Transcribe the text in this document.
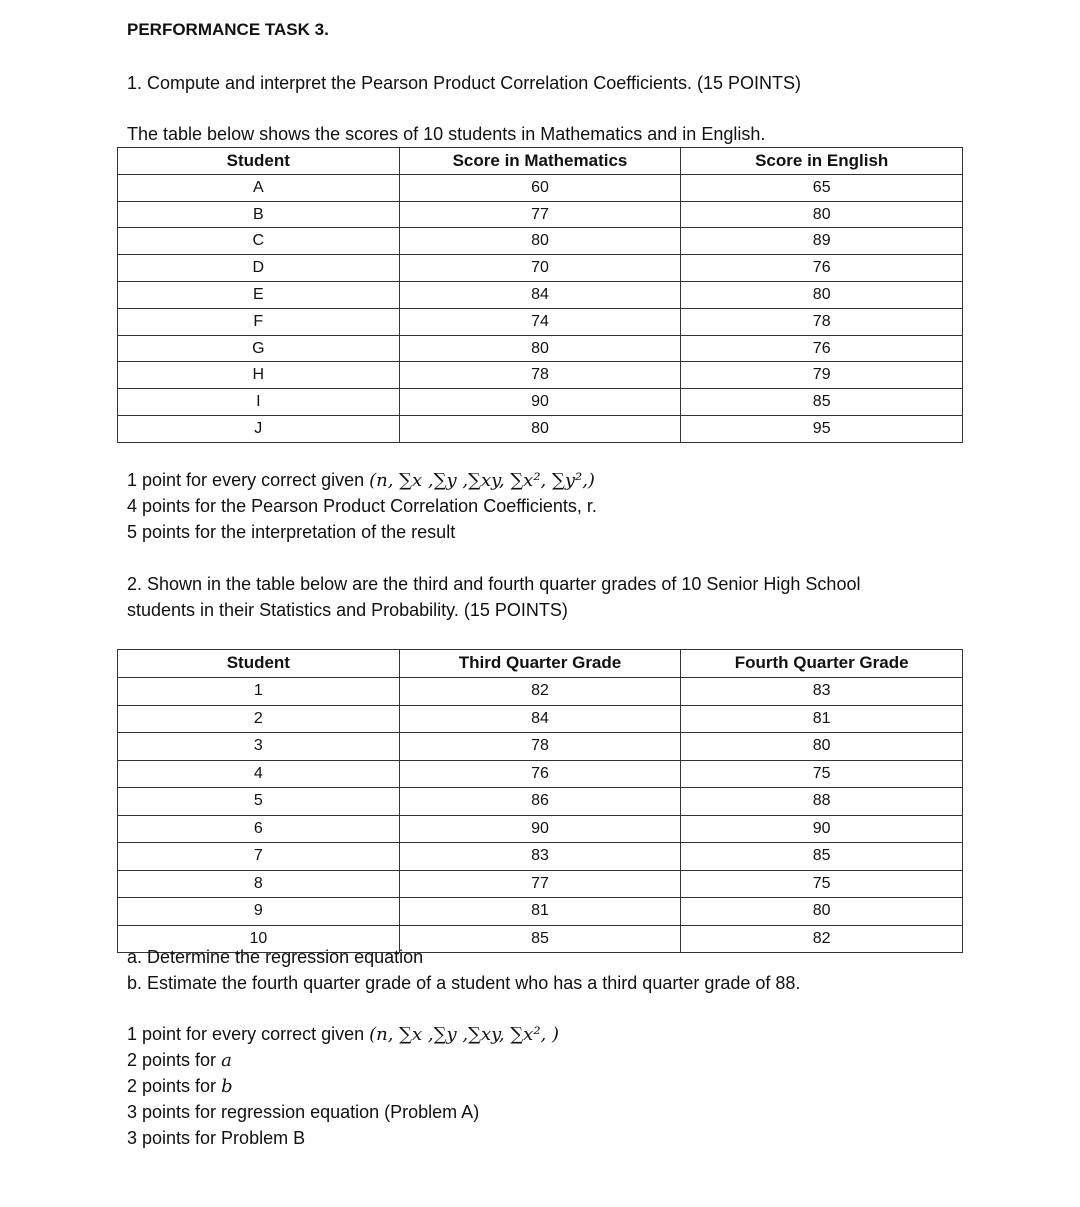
PERFORMANCE TASK 3.
1. Compute and interpret the Pearson Product Correlation Coefficients. (15 POINTS)
The table below shows the scores of 10 students in Mathematics and in English.
Student	Score in Mathematics	Score in English
A	60	65
B	77	80
C	80	89
D	70	76
E	84	80
F	74	78
G	80	76
H	78	79
I	90	85
J	80	95
1 point for every correct given (n, ∑x ,∑y ,∑xy, ∑x², ∑y²,)
4 points for the Pearson Product Correlation Coefficients, r.
5 points for the interpretation of the result
2. Shown in the table below are the third and fourth quarter grades of 10 Senior High School
students in their Statistics and Probability. (15 POINTS)
Student	Third Quarter Grade	Fourth Quarter Grade
1	82	83
2	84	81
3	78	80
4	76	75
5	86	88
6	90	90
7	83	85
8	77	75
9	81	80
10	85	82
a. Determine the regression equation
b. Estimate the fourth quarter grade of a student who has a third quarter grade of 88.
1 point for every correct given (n, ∑x ,∑y ,∑xy, ∑x², )
2 points for a
2 points for b
3 points for regression equation (Problem A)
3 points for Problem B
